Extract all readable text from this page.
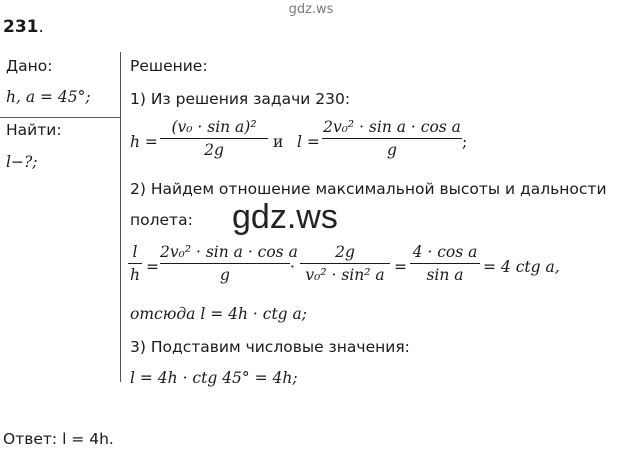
gdz.ws
231.
Дано:
h, a = 45°;
Найти:
l−?;
Решение:
1) Из решения задачи 230:
h =
(v₀ · sin a)²
2g	и l =
2v₀² · sin a · cos a
g	;
2) Найдем отношение максимальной высоты и дальности
полета: gdz.ws
l
h =
2v₀² · sin a · cos a
g	·
2g
v₀² · sin² a =
4 · cos a
sin a	= 4 ctg a,
отсюда l = 4h · ctg a;
3) Подставим числовые значения:
l = 4h · ctg 45° = 4h;
Ответ: l = 4h.
